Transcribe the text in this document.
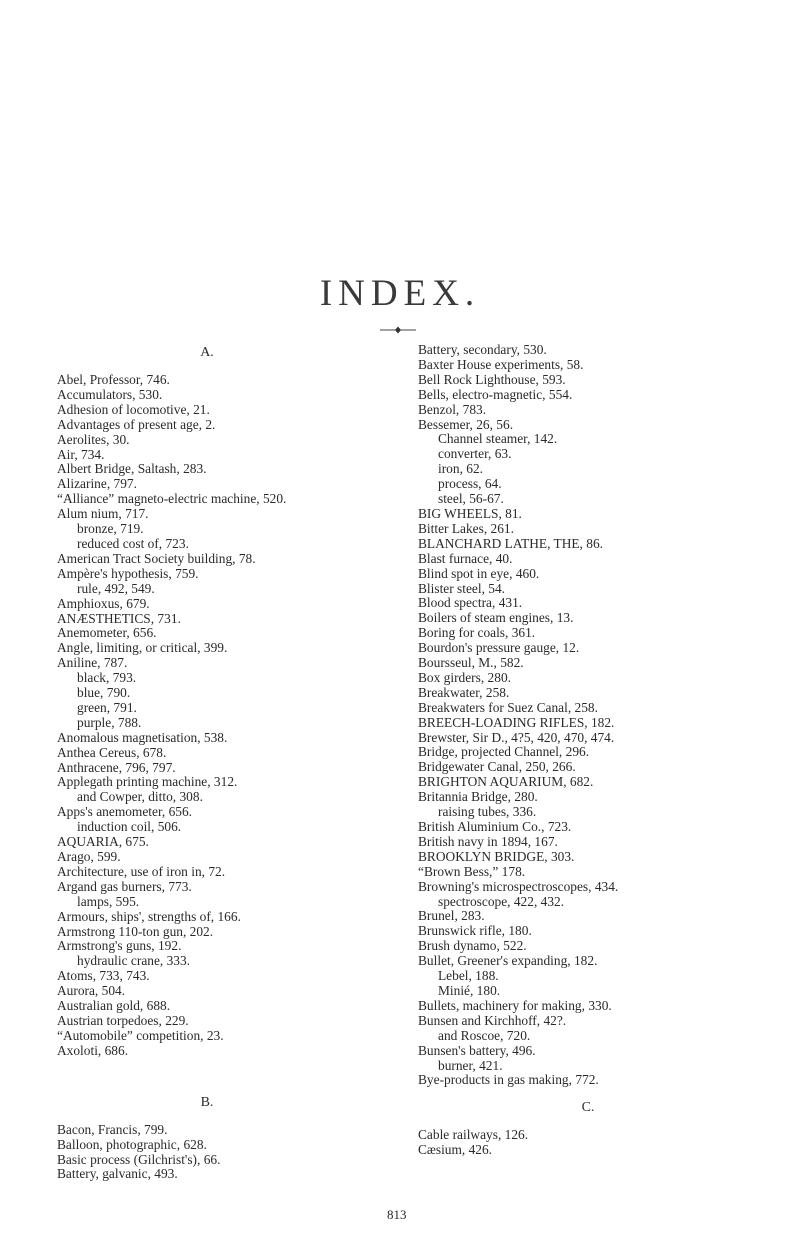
INDEX.
A.
Abel, Professor, 746.
Accumulators, 530.
Adhesion of locomotive, 21.
Advantages of present age, 2.
Aerolites, 30.
Air, 734.
Albert Bridge, Saltash, 283.
Alizarine, 797.
“Alliance” magneto-electric machine, 520.
Alum nium, 717.
bronze, 719.
reduced cost of, 723.
American Tract Society building, 78.
Ampère's hypothesis, 759.
rule, 492, 549.
Amphioxus, 679.
ANÆSTHETICS, 731.
Anemometer, 656.
Angle, limiting, or critical, 399.
Aniline, 787.
black, 793.
blue, 790.
green, 791.
purple, 788.
Anomalous magnetisation, 538.
Anthea Cereus, 678.
Anthracene, 796, 797.
Applegath printing machine, 312.
and Cowper, ditto, 308.
Apps's anemometer, 656.
induction coil, 506.
AQUARIA, 675.
Arago, 599.
Architecture, use of iron in, 72.
Argand gas burners, 773.
lamps, 595.
Armours, ships', strengths of, 166.
Armstrong 110-ton gun, 202.
Armstrong's guns, 192.
hydraulic crane, 333.
Atoms, 733, 743.
Aurora, 504.
Australian gold, 688.
Austrian torpedoes, 229.
“Automobile” competition, 23.
Axoloti, 686.
B.
Bacon, Francis, 799.
Balloon, photographic, 628.
Basic process (Gilchrist's), 66.
Battery, galvanic, 493.
Battery, secondary, 530.
Baxter House experiments, 58.
Bell Rock Lighthouse, 593.
Bells, electro-magnetic, 554.
Benzol, 783.
Bessemer, 26, 56.
Channel steamer, 142.
converter, 63.
iron, 62.
process, 64.
steel, 56-67.
BIG WHEELS, 81.
Bitter Lakes, 261.
BLANCHARD LATHE, THE, 86.
Blast furnace, 40.
Blind spot in eye, 460.
Blister steel, 54.
Blood spectra, 431.
Boilers of steam engines, 13.
Boring for coals, 361.
Bourdon's pressure gauge, 12.
Boursseul, M., 582.
Box girders, 280.
Breakwater, 258.
Breakwaters for Suez Canal, 258.
BREECH-LOADING RIFLES, 182.
Brewster, Sir D., 4?5, 420, 470, 474.
Bridge, projected Channel, 296.
Bridgewater Canal, 250, 266.
BRIGHTON AQUARIUM, 682.
Britannia Bridge, 280.
raising tubes, 336.
British Aluminium Co., 723.
British navy in 1894, 167.
BROOKLYN BRIDGE, 303.
“Brown Bess,” 178.
Browning's microspectroscopes, 434.
spectroscope, 422, 432.
Brunel, 283.
Brunswick rifle, 180.
Brush dynamo, 522.
Bullet, Greener's expanding, 182.
Lebel, 188.
Minié, 180.
Bullets, machinery for making, 330.
Bunsen and Kirchhoff, 42?.
and Roscoe, 720.
Bunsen's battery, 496.
burner, 421.
Bye-products in gas making, 772.
C.
Cable railways, 126.
Cæsium, 426.
813
